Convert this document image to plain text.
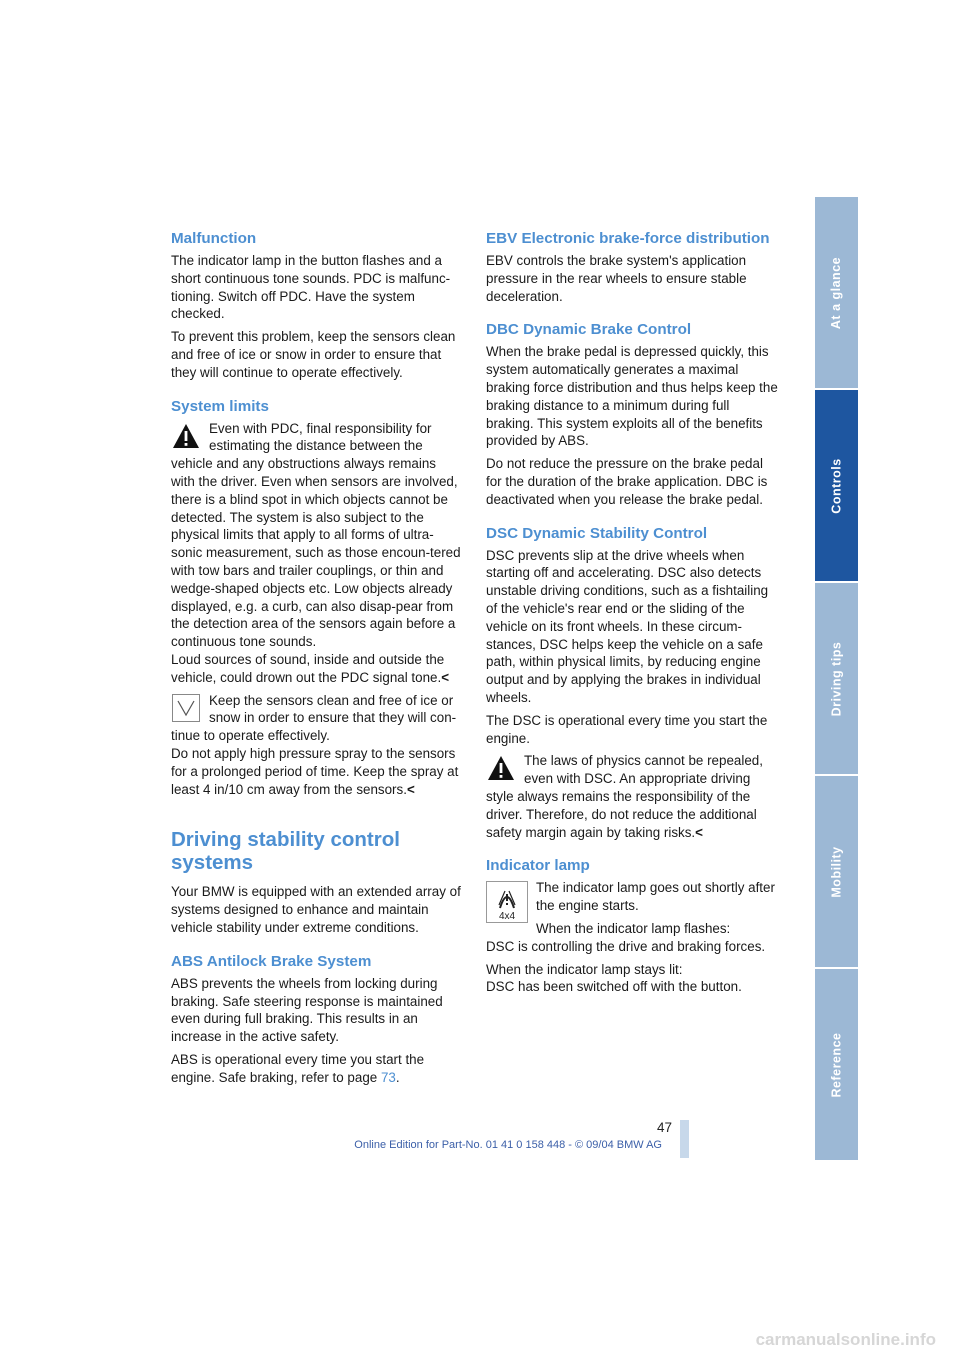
Malfunction

The indicator lamp in the button flashes and a short continuous tone sounds. PDC is malfunc-tioning. Switch off PDC. Have the system checked.

To prevent this problem, keep the sensors clean and free of ice or snow in order to ensure that they will continue to operate effectively.

System limits
Even with PDC, final responsibility for estimating the distance between the vehicle and any obstructions always remains with the driver. Even when sensors are involved, there is a blind spot in which objects cannot be detected. The system is also subject to the physical limits that apply to all forms of ultra-sonic measurement, such as those encoun-tered with tow bars and trailer couplings, or thin and wedge-shaped objects etc. Low objects already displayed, e.g. a curb, can also disap-pear from the detection area of the sensors again before a continuous tone sounds.
Loud sources of sound, inside and outside the vehicle, could drown out the PDC signal tone.<
Keep the sensors clean and free of ice or snow in order to ensure that they will con-tinue to operate effectively.
Do not apply high pressure spray to the sensors for a prolonged period of time. Keep the spray at least 4 in/10 cm away from the sensors.<
Driving stability control systems

Your BMW is equipped with an extended array of systems designed to enhance and maintain vehicle stability under extreme conditions.

ABS Antilock Brake System

ABS prevents the wheels from locking during braking. Safe steering response is maintained even during full braking. This results in an increase in the active safety.

ABS is operational every time you start the engine. Safe braking, refer to page 73.

EBV Electronic brake-force distribution

EBV controls the brake system's application pressure in the rear wheels to ensure stable deceleration.

DBC Dynamic Brake Control

When the brake pedal is depressed quickly, this system automatically generates a maximal braking force distribution and thus helps keep the braking distance to a minimum during full braking. This system exploits all of the benefits provided by ABS.

Do not reduce the pressure on the brake pedal for the duration of the brake application. DBC is deactivated when you release the brake pedal.

DSC Dynamic Stability Control

DSC prevents slip at the drive wheels when starting off and accelerating. DSC also detects unstable driving conditions, such as a fishtailing of the vehicle's rear end or the sliding of the vehicle on its front wheels. In these circum-stances, DSC helps keep the vehicle on a safe path, within physical limits, by reducing engine output and by applying the brakes in individual wheels.

The DSC is operational every time you start the engine.

The laws of physics cannot be repealed, even with DSC. An appropriate driving style always remains the responsibility of the driver. Therefore, do not reduce the additional safety margin again by taking risks.<
Indicator lamp
4x4

The indicator lamp goes out shortly after the engine starts.

When the indicator lamp flashes:
DSC is controlling the drive and braking forces.

When the indicator lamp stays lit:
DSC has been switched off with the button.

At a glance
Controls
Driving tips
Mobility
Reference
47
Online Edition for Part-No. 01 41 0 158 448 - © 09/04 BMW AG
carmanualsonline.info
